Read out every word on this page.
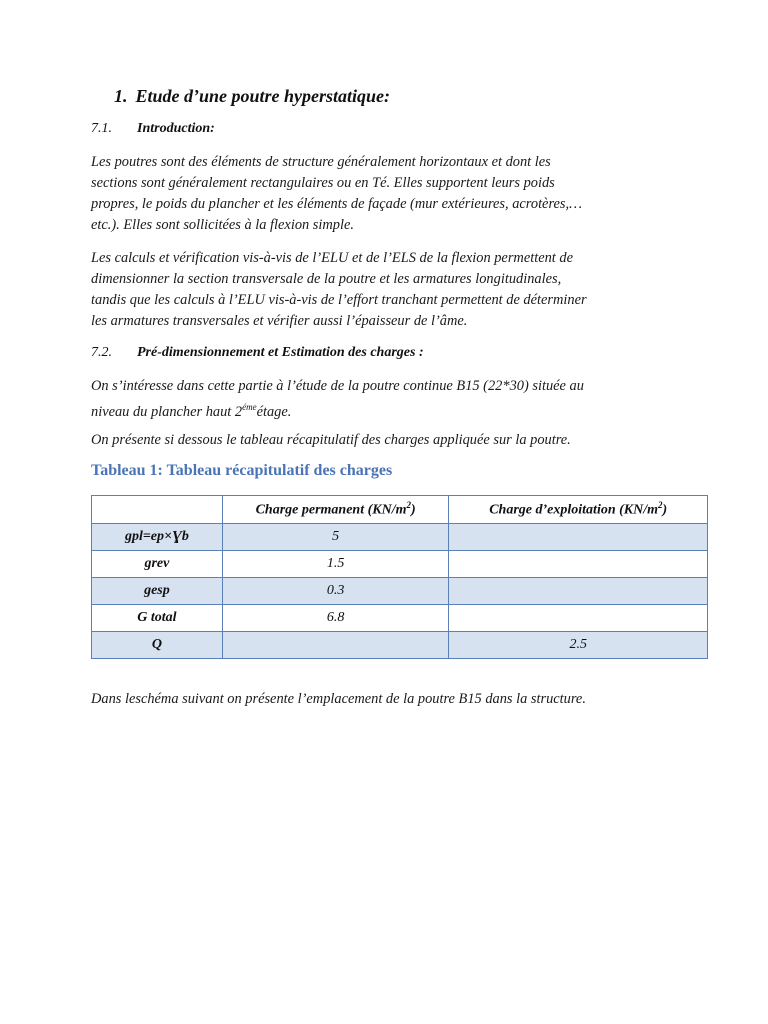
1. Etude d’une poutre hyperstatique:

7.1. Introduction:

Les poutres sont des éléments de structure généralement horizontaux et dont les
sections sont généralement rectangulaires ou en Té. Elles supportent leurs poids
propres, le poids du plancher et les éléments de façade (mur extérieures, acrotères,…
etc.). Elles sont sollicitées à la flexion simple.

Les calculs et vérification vis-à-vis de l’ELU et de l’ELS de la flexion permettent de
dimensionner la section transversale de la poutre et les armatures longitudinales,
tandis que les calculs à l’ELU vis-à-vis de l’effort tranchant permettent de déterminer
les armatures transversales et vérifier aussi l’épaisseur de l’âme.

7.2. Pré-dimensionnement et Estimation des charges :

On s’intéresse dans cette partie à l’étude de la poutre continue B15 (22*30) située au
niveau du plancher haut $2^{éme}étage$.

On présente si dessous le tableau récapitulatif des charges appliquée sur la poutre.

Tableau 1: Tableau récapitulatif des charges

	Charge permanent $(KN/m^2)$	Charge d’exploitation $(KN/m^2)$
gpl=ep×Ɣb	5	
grev	1.5	
gesp	0.3	
G total	6.8	
Q		2.5

Dans leschéma suivant on présente l’emplacement de la poutre B15 dans la structure.
